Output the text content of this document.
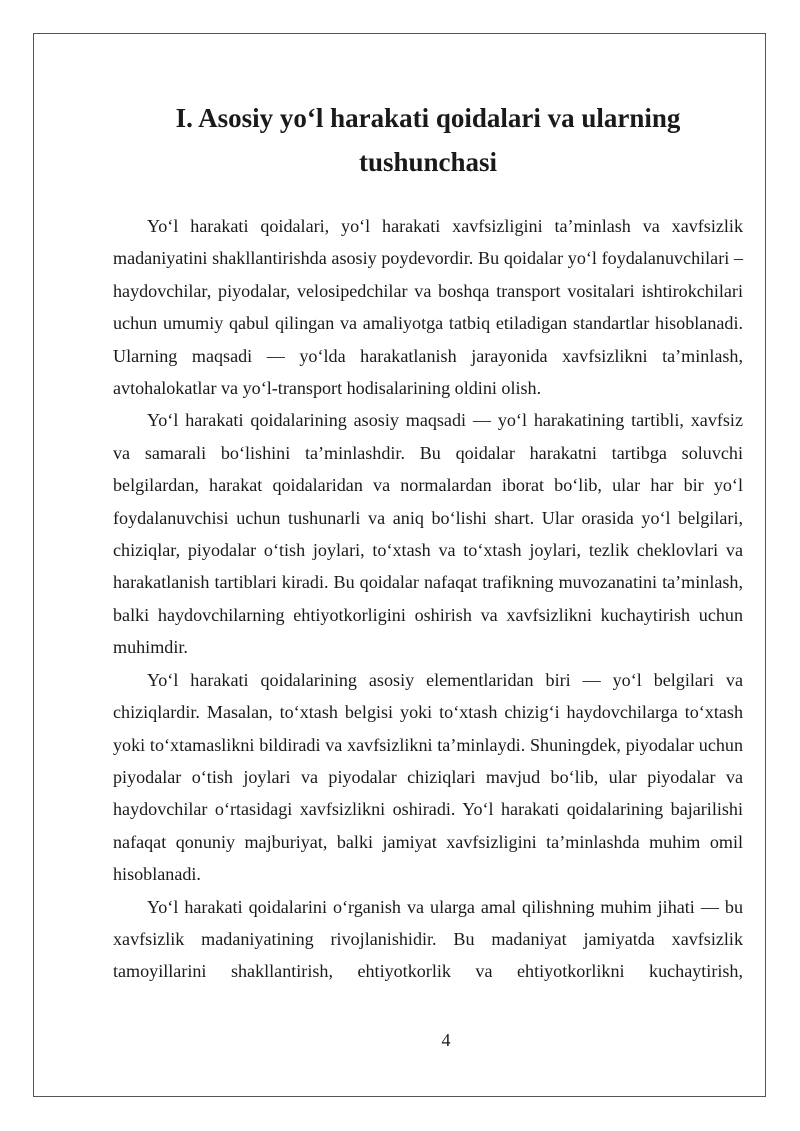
I. Asosiy yo‘l harakati qoidalari va ularning
tushunchasi

Yo‘l harakati qoidalari, yo‘l harakati xavfsizligini ta’minlash va xavfsizlik madaniyatini shakllantirishda asosiy poydevordir. Bu qoidalar yo‘l foydalanuvchilari – haydovchilar, piyodalar, velosipedchilar va boshqa transport vositalari ishtirokchilari uchun umumiy qabul qilingan va amaliyotga tatbiq etiladigan standartlar hisoblanadi. Ularning maqsadi — yo‘lda harakatlanish jarayonida xavfsizlikni ta’minlash, avtohalokatlar va yo‘l-transport hodisalarining oldini olish.

Yo‘l harakati qoidalarining asosiy maqsadi — yo‘l harakatining tartibli, xavfsiz va samarali bo‘lishini ta’minlashdir. Bu qoidalar harakatni tartibga soluvchi belgilardan, harakat qoidalaridan va normalardan iborat bo‘lib, ular har bir yo‘l foydalanuvchisi uchun tushunarli va aniq bo‘lishi shart. Ular orasida yo‘l belgilari, chiziqlar, piyodalar o‘tish joylari, to‘xtash va to‘xtash joylari, tezlik cheklovlari va harakatlanish tartiblari kiradi. Bu qoidalar nafaqat trafikning muvozanatini ta’minlash, balki haydovchilarning ehtiyotkorligini oshirish va xavfsizlikni kuchaytirish uchun muhimdir.

Yo‘l harakati qoidalarining asosiy elementlaridan biri — yo‘l belgilari va chiziqlardir. Masalan, to‘xtash belgisi yoki to‘xtash chizig‘i haydovchilarga to‘xtash yoki to‘xtamaslikni bildiradi va xavfsizlikni ta’minlaydi. Shuningdek, piyodalar uchun piyodalar o‘tish joylari va piyodalar chiziqlari mavjud bo‘lib, ular piyodalar va haydovchilar o‘rtasidagi xavfsizlikni oshiradi. Yo‘l harakati qoidalarining bajarilishi nafaqat qonuniy majburiyat, balki jamiyat xavfsizligini ta’minlashda muhim omil hisoblanadi.

Yo‘l harakati qoidalarini o‘rganish va ularga amal qilishning muhim jihati — bu xavfsizlik madaniyatining rivojlanishidir. Bu madaniyat jamiyatda xavfsizlik tamoyillarini shakllantirish, ehtiyotkorlik va ehtiyotkorlikni kuchaytirish,

4
